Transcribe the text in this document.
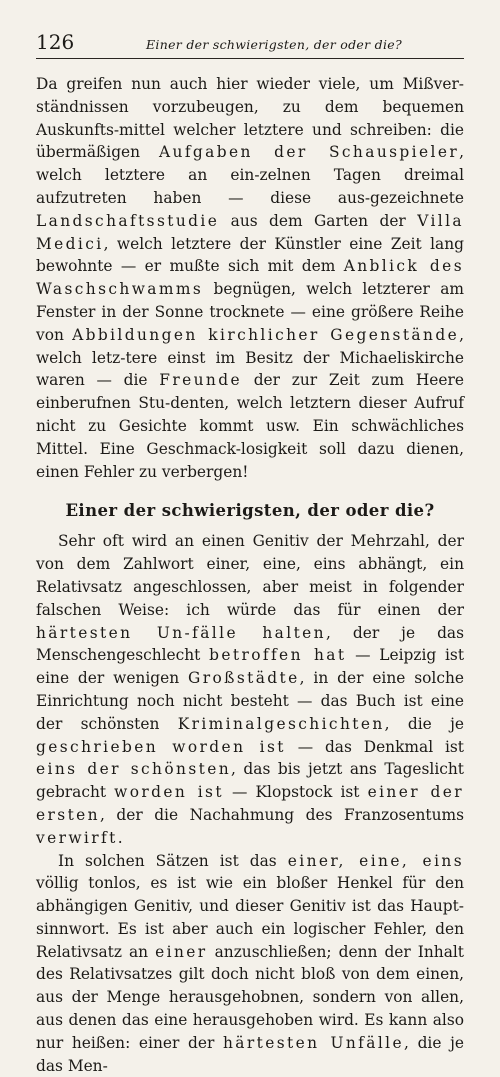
126	Einer der schwierigsten, der oder die?

Da greifen nun auch hier wieder viele, um Mißver-ständnissen vorzubeugen, zu dem bequemen Auskunfts-mittel welcher letztere und schreiben: die übermäßigen Aufgaben der Schauspieler, welch letztere an ein-zelnen Tagen dreimal aufzutreten haben — diese aus-gezeichnete Landschaftsstudie aus dem Garten der Villa Medici, welch letztere der Künstler eine Zeit lang bewohnte — er mußte sich mit dem Anblick des Waschschwamms begnügen, welch letzterer am Fenster in der Sonne trocknete — eine größere Reihe von Abbildungen kirchlicher Gegenstände, welch letz-tere einst im Besitz der Michaeliskirche waren — die Freunde der zur Zeit zum Heere einberufnen Stu-denten, welch letztern dieser Aufruf nicht zu Gesichte kommt usw. Ein schwächliches Mittel. Eine Geschmack-losigkeit soll dazu dienen, einen Fehler zu verbergen!

Einer der schwierigsten, der oder die?

Sehr oft wird an einen Genitiv der Mehrzahl, der von dem Zahlwort einer, eine, eins abhängt, ein Relativsatz angeschlossen, aber meist in folgender falschen Weise: ich würde das für einen der härtesten Un-fälle halten, der je das Menschengeschlecht betroffen hat — Leipzig ist eine der wenigen Großstädte, in der eine solche Einrichtung noch nicht besteht — das Buch ist eine der schönsten Kriminalgeschichten, die je geschrieben worden ist — das Denkmal ist eins der schönsten, das bis jetzt ans Tageslicht gebracht worden ist — Klopstock ist einer der ersten, der die Nachahmung des Franzosentums verwirft.

In solchen Sätzen ist das einer, eine, eins völlig tonlos, es ist wie ein bloßer Henkel für den abhängigen Genitiv, und dieser Genitiv ist das Haupt-sinnwort. Es ist aber auch ein logischer Fehler, den Relativsatz an einer anzuschließen; denn der Inhalt des Relativsatzes gilt doch nicht bloß von dem einen, aus der Menge herausgehobnen, sondern von allen, aus denen das eine herausgehoben wird. Es kann also nur heißen: einer der härtesten Unfälle, die je das Men-
